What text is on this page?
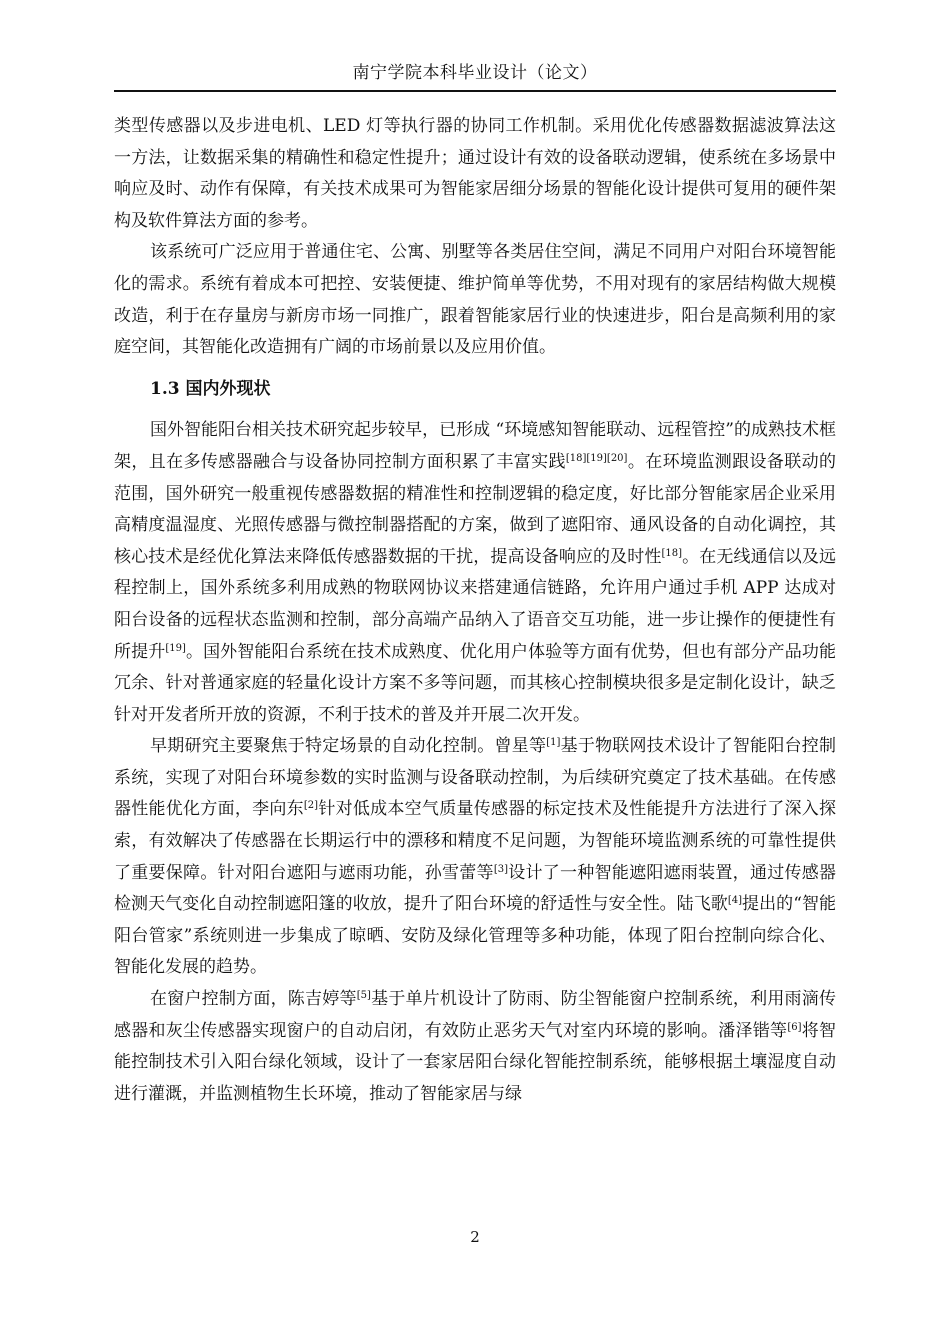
南宁学院本科毕业设计（论文）

类型传感器以及步进电机、LED 灯等执行器的协同工作机制。采用优化传感器数据滤波算法这一方法，让数据采集的精确性和稳定性提升；通过设计有效的设备联动逻辑，使系统在多场景中响应及时、动作有保障，有关技术成果可为智能家居细分场景的智能化设计提供可复用的硬件架构及软件算法方面的参考。

该系统可广泛应用于普通住宅、公寓、别墅等各类居住空间，满足不同用户对阳台环境智能化的需求。系统有着成本可把控、安装便捷、维护简单等优势，不用对现有的家居结构做大规模改造，利于在存量房与新房市场一同推广，跟着智能家居行业的快速进步，阳台是高频利用的家庭空间，其智能化改造拥有广阔的市场前景以及应用价值。

1.3 国内外现状

国外智能阳台相关技术研究起步较早，已形成 “环境感知智能联动、远程管控”的成熟技术框架，且在多传感器融合与设备协同控制方面积累了丰富实践[18][19][20]。在环境监测跟设备联动的范围，国外研究一般重视传感器数据的精准性和控制逻辑的稳定度，好比部分智能家居企业采用高精度温湿度、光照传感器与微控制器搭配的方案，做到了遮阳帘、通风设备的自动化调控，其核心技术是经优化算法来降低传感器数据的干扰，提高设备响应的及时性[18]。在无线通信以及远程控制上，国外系统多利用成熟的物联网协议来搭建通信链路，允许用户通过手机 APP 达成对阳台设备的远程状态监测和控制，部分高端产品纳入了语音交互功能，进一步让操作的便捷性有所提升[19]。国外智能阳台系统在技术成熟度、优化用户体验等方面有优势，但也有部分产品功能冗余、针对普通家庭的轻量化设计方案不多等问题，而其核心控制模块很多是定制化设计，缺乏针对开发者所开放的资源，不利于技术的普及并开展二次开发。

早期研究主要聚焦于特定场景的自动化控制。曾星等[1]基于物联网技术设计了智能阳台控制系统，实现了对阳台环境参数的实时监测与设备联动控制，为后续研究奠定了技术基础。在传感器性能优化方面，李向东[2]针对低成本空气质量传感器的标定技术及性能提升方法进行了深入探索，有效解决了传感器在长期运行中的漂移和精度不足问题，为智能环境监测系统的可靠性提供了重要保障。针对阳台遮阳与遮雨功能，孙雪蕾等[3]设计了一种智能遮阳遮雨装置，通过传感器检测天气变化自动控制遮阳篷的收放，提升了阳台环境的舒适性与安全性。陆飞歌[4]提出的“智能阳台管家”系统则进一步集成了晾晒、安防及绿化管理等多种功能，体现了阳台控制向综合化、智能化发展的趋势。

在窗户控制方面，陈吉婷等[5]基于单片机设计了防雨、防尘智能窗户控制系统，利用雨滴传感器和灰尘传感器实现窗户的自动启闭，有效防止恶劣天气对室内环境的影响。潘泽锴等[6]将智能控制技术引入阳台绿化领域，设计了一套家居阳台绿化智能控制系统，能够根据土壤湿度自动进行灌溉，并监测植物生长环境，推动了智能家居与绿

2
